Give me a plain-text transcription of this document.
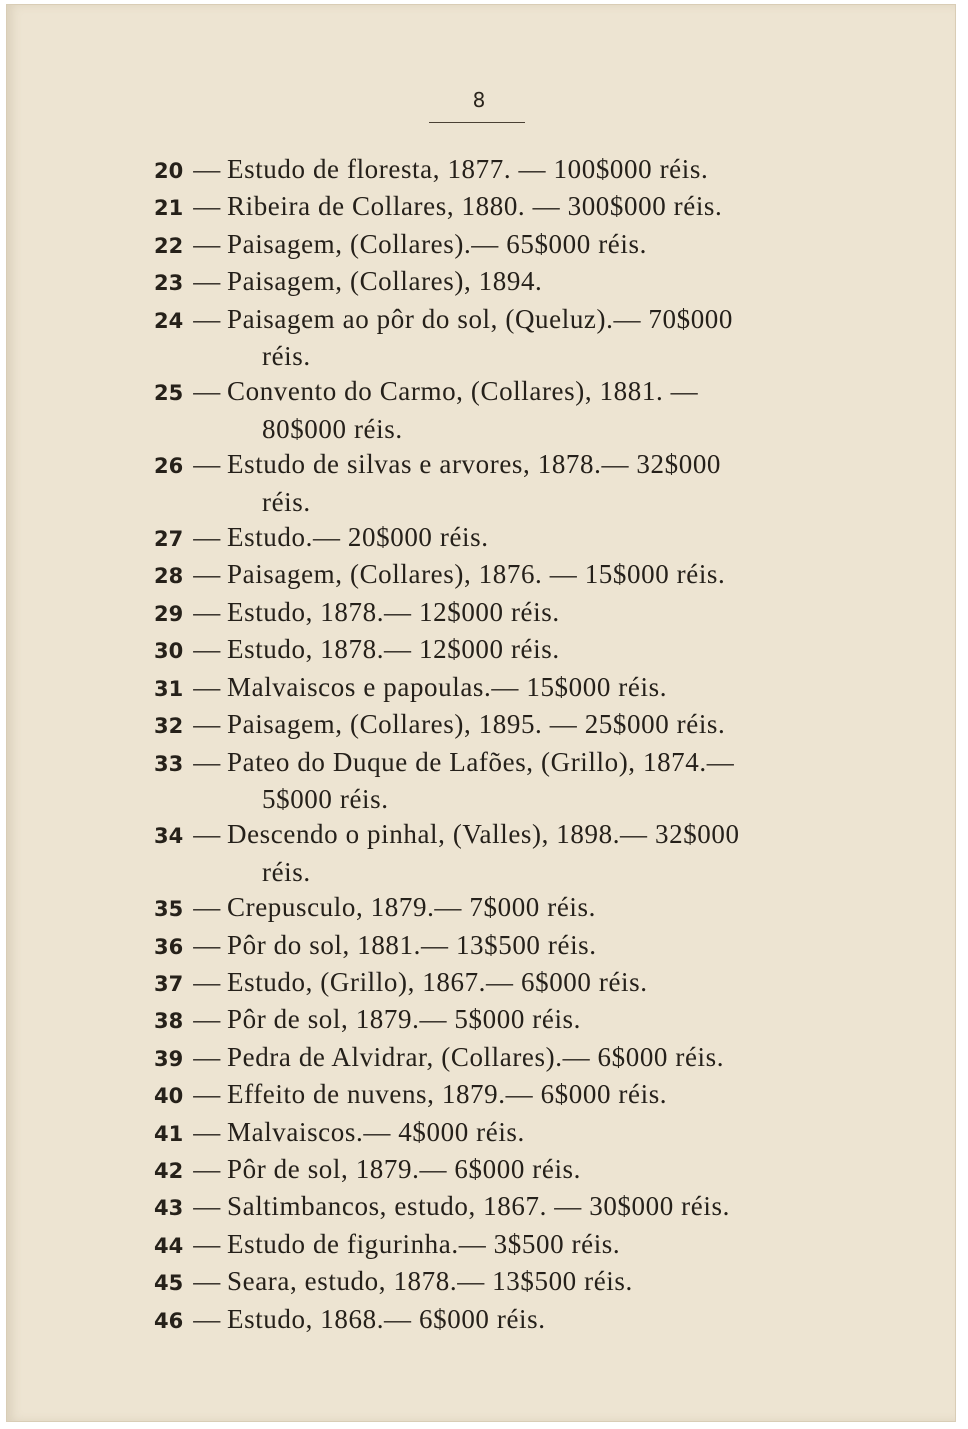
8
20 — Estudo de floresta, 1877. — 100$000 réis.
21 — Ribeira de Collares, 1880. — 300$000 réis.
22 — Paisagem, (Collares).— 65$000 réis.
23 — Paisagem, (Collares), 1894.
24 — Paisagem ao pôr do sol, (Queluz).— 70$000
réis.
25 — Convento do Carmo, (Collares), 1881. —
80$000 réis.
26 — Estudo de silvas e arvores, 1878.— 32$000
réis.
27 — Estudo.— 20$000 réis.
28 — Paisagem, (Collares), 1876. — 15$000 réis.
29 — Estudo, 1878.— 12$000 réis.
30 — Estudo, 1878.— 12$000 réis.
31 — Malvaiscos e papoulas.— 15$000 réis.
32 — Paisagem, (Collares), 1895. — 25$000 réis.
33 — Pateo do Duque de Lafões, (Grillo), 1874.—
5$000 réis.
34 — Descendo o pinhal, (Valles), 1898.— 32$000
réis.
35 — Crepusculo, 1879.— 7$000 réis.
36 — Pôr do sol, 1881.— 13$500 réis.
37 — Estudo, (Grillo), 1867.— 6$000 réis.
38 — Pôr de sol, 1879.— 5$000 réis.
39 — Pedra de Alvidrar, (Collares).— 6$000 réis.
40 — Effeito de nuvens, 1879.— 6$000 réis.
41 — Malvaiscos.— 4$000 réis.
42 — Pôr de sol, 1879.— 6$000 réis.
43 — Saltimbancos, estudo, 1867. — 30$000 réis.
44 — Estudo de figurinha.— 3$500 réis.
45 — Seara, estudo, 1878.— 13$500 réis.
46 — Estudo, 1868.— 6$000 réis.
